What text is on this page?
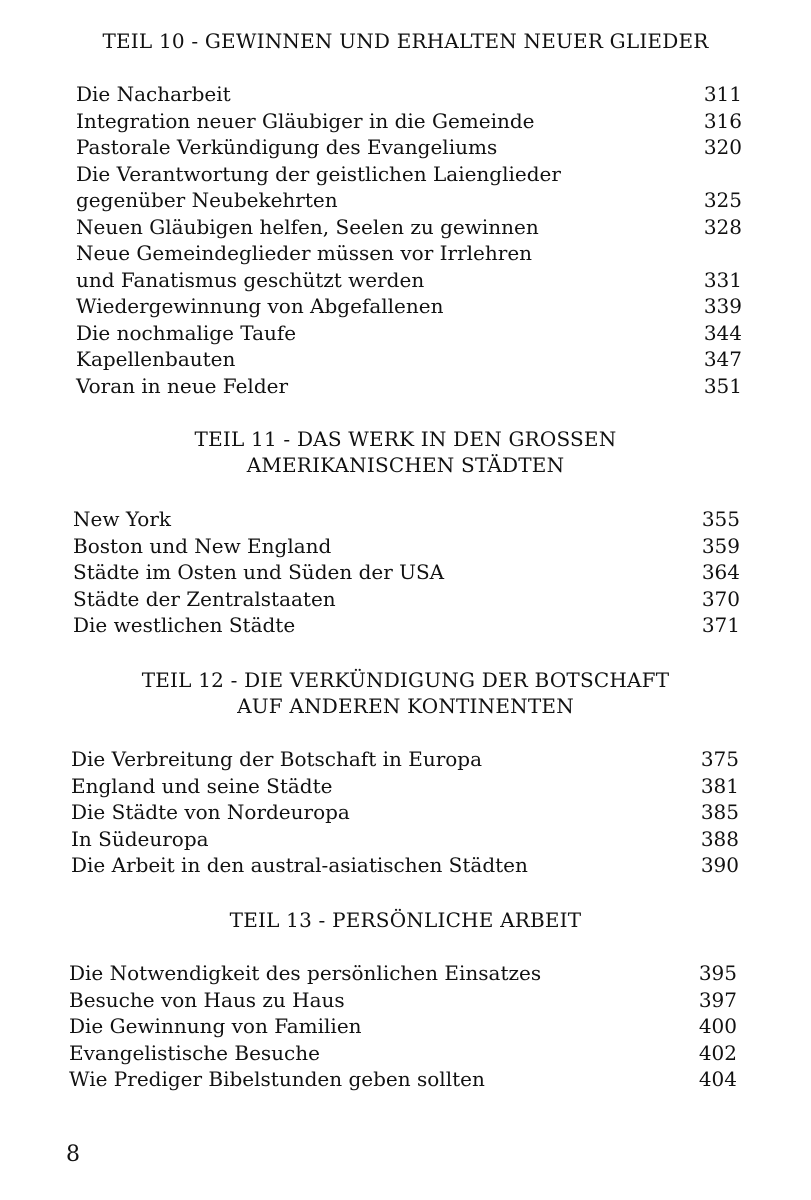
TEIL 10 - GEWINNEN UND ERHALTEN NEUER GLIEDER
Die Nacharbeit	311
Integration neuer Gläubiger in die Gemeinde	316
Pastorale Verkündigung des Evangeliums	320
Die Verantwortung der geistlichen Laienglieder
gegenüber Neubekehrten	325
Neuen Gläubigen helfen, Seelen zu gewinnen	328
Neue Gemeindeglieder müssen vor Irrlehren
und Fanatismus geschützt werden	331
Wiedergewinnung von Abgefallenen	339
Die nochmalige Taufe	344
Kapellenbauten	347
Voran in neue Felder	351
TEIL 11 - DAS WERK IN DEN GROSSEN
AMERIKANISCHEN STÄDTEN
New York	355
Boston und New England	359
Städte im Osten und Süden der USA	364
Städte der Zentralstaaten	370
Die westlichen Städte	371
TEIL 12 - DIE VERKÜNDIGUNG DER BOTSCHAFT
AUF ANDEREN KONTINENTEN
Die Verbreitung der Botschaft in Europa	375
England und seine Städte	381
Die Städte von Nordeuropa	385
In Südeuropa	388
Die Arbeit in den austral-asiatischen Städten	390
TEIL 13 - PERSÖNLICHE ARBEIT
Die Notwendigkeit des persönlichen Einsatzes	395
Besuche von Haus zu Haus	397
Die Gewinnung von Familien	400
Evangelistische Besuche	402
Wie Prediger Bibelstunden geben sollten	404
8
